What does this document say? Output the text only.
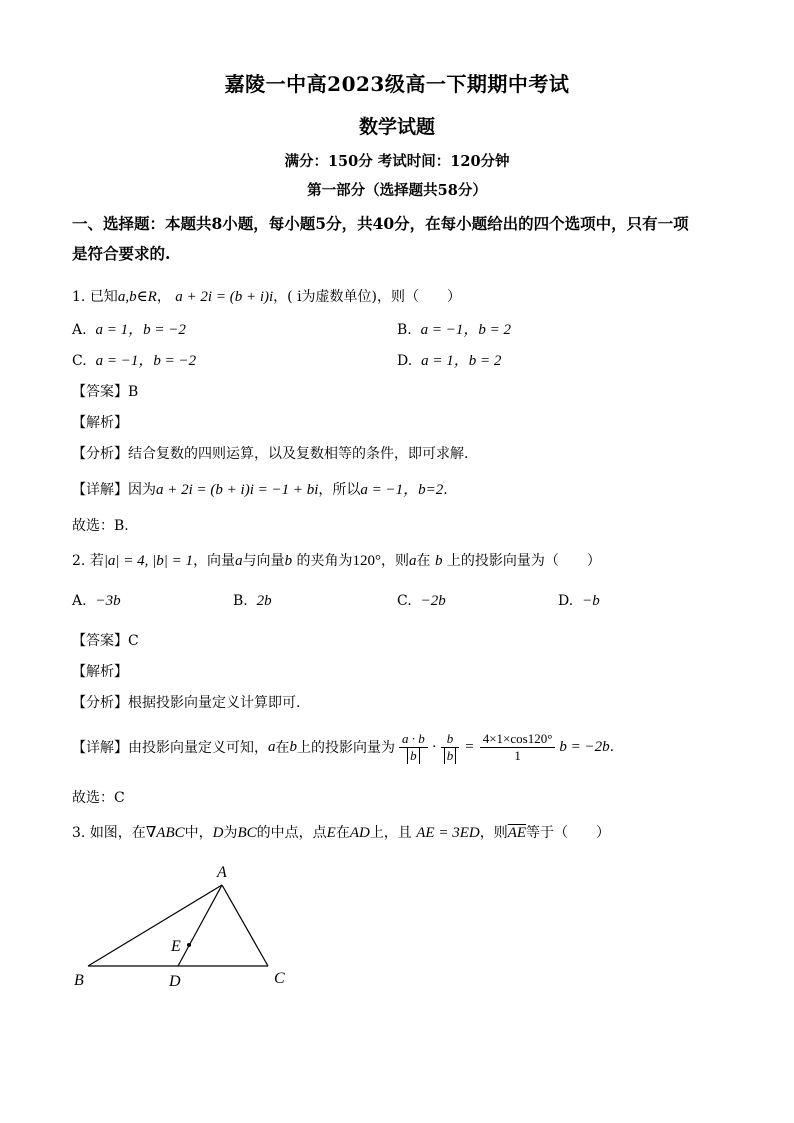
嘉陵一中高2023级高一下期期中考试
数学试题
满分：150分 考试时间：120分钟
第一部分（选择题共58分）
一、选择题：本题共8小题，每小题5分，共40分，在每小题给出的四个选项中，只有一项
是符合要求的.
1. 已知a,b∈R， a + 2i = (b + i)i，( i为虚数单位)，则（　　）
A. a = 1，b = −2	B. a = −1，b = 2
C. a = −1，b = −2	D. a = 1，b = 2
【答案】B
【解析】
【分析】结合复数的四则运算，以及复数相等的条件，即可求解.
【详解】因为a + 2i = (b + i)i = −1 + bi，所以a = −1，b=2.
故选：B.
2. 若|a| = 4, |b| = 1，向量a与向量b 的夹角为120°，则a在 b 上的投影向量为（　　）
A. −3b	B. 2b	C. −2b	D. −b
【答案】C
【解析】
【分析】根据投影向量定义计算即可.
【详解】 由投影向量定义可知， a 在 b 上的投影向量为 $\frac{a \cdot b}{b} \cdot \frac{b}{b} = \frac{4\times 1\times\cos 120^\circ}{1}$ b = −2b .
故选：C
3. 如图，在∇ABC中，D为BC的中点，点E在AD上，且 AE = 3ED，则$\overline{AE}$等于（　　）
A
B	C
D
E
